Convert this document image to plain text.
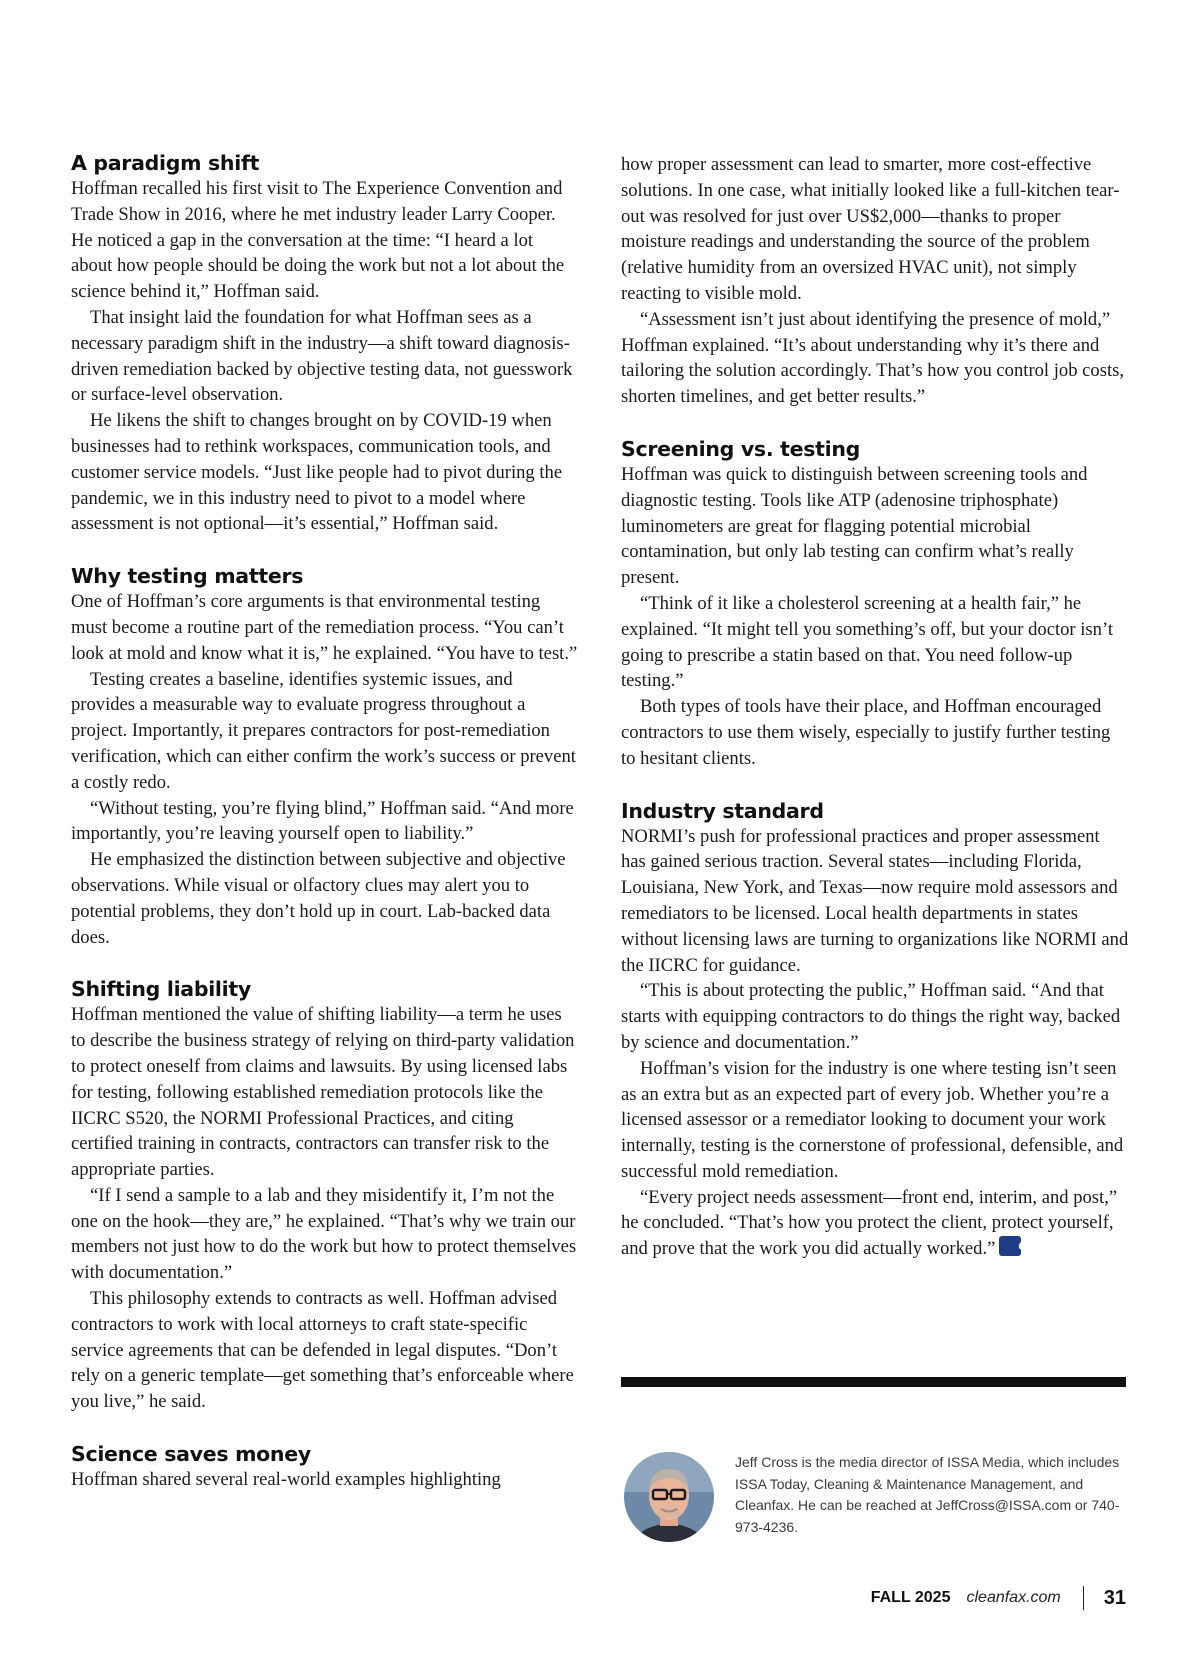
A paradigm shift

Hoffman recalled his first visit to The Experience Convention and Trade Show in 2016, where he met industry leader Larry Cooper. He noticed a gap in the conversation at the time: “I heard a lot about how people should be doing the work but not a lot about the science behind it,” Hoffman said.

That insight laid the foundation for what Hoffman sees as a necessary paradigm shift in the industry—a shift toward diagnosis-driven remediation backed by objective testing data, not guesswork or surface-level observation.

He likens the shift to changes brought on by COVID-19 when businesses had to rethink workspaces, communication tools, and customer service models. “Just like people had to pivot during the pandemic, we in this industry need to pivot to a model where assessment is not optional—it’s essential,” Hoffman said.

Why testing matters

One of Hoffman’s core arguments is that environmental testing must become a routine part of the remediation process. “You can’t look at mold and know what it is,” he explained. “You have to test.”

Testing creates a baseline, identifies systemic issues, and provides a measurable way to evaluate progress throughout a project. Importantly, it prepares contractors for post-remediation verification, which can either confirm the work’s success or prevent a costly redo.

“Without testing, you’re flying blind,” Hoffman said. “And more importantly, you’re leaving yourself open to liability.”

He emphasized the distinction between subjective and objective observations. While visual or olfactory clues may alert you to potential problems, they don’t hold up in court. Lab-backed data does.

Shifting liability

Hoffman mentioned the value of shifting liability—a term he uses to describe the business strategy of relying on third-party validation to protect oneself from claims and lawsuits. By using licensed labs for testing, following established remediation protocols like the IICRC S520, the NORMI Professional Practices, and citing certified training in contracts, contractors can transfer risk to the appropriate parties.

“If I send a sample to a lab and they misidentify it, I’m not the one on the hook—they are,” he explained. “That’s why we train our members not just how to do the work but how to protect themselves with documentation.”

This philosophy extends to contracts as well. Hoffman advised contractors to work with local attorneys to craft state-specific service agreements that can be defended in legal disputes. “Don’t rely on a generic template—get something that’s enforceable where you live,” he said.

Science saves money

Hoffman shared several real-world examples highlighting

how proper assessment can lead to smarter, more cost-effective solutions. In one case, what initially looked like a full-kitchen tear-out was resolved for just over US$2,000—thanks to proper moisture readings and understanding the source of the problem (relative humidity from an oversized HVAC unit), not simply reacting to visible mold.

“Assessment isn’t just about identifying the presence of mold,” Hoffman explained. “It’s about understanding why it’s there and tailoring the solution accordingly. That’s how you control job costs, shorten timelines, and get better results.”

Screening vs. testing

Hoffman was quick to distinguish between screening tools and diagnostic testing. Tools like ATP (adenosine triphosphate) luminometers are great for flagging potential microbial contamination, but only lab testing can confirm what’s really present.

“Think of it like a cholesterol screening at a health fair,” he explained. “It might tell you something’s off, but your doctor isn’t going to prescribe a statin based on that. You need follow-up testing.”

Both types of tools have their place, and Hoffman encouraged contractors to use them wisely, especially to justify further testing to hesitant clients.

Industry standard

NORMI’s push for professional practices and proper assessment has gained serious traction. Several states—including Florida, Louisiana, New York, and Texas—now require mold assessors and remediators to be licensed. Local health departments in states without licensing laws are turning to organizations like NORMI and the IICRC for guidance.

“This is about protecting the public,” Hoffman said. “And that starts with equipping contractors to do things the right way, backed by science and documentation.”

Hoffman’s vision for the industry is one where testing isn’t seen as an extra but as an expected part of every job. Whether you’re a licensed assessor or a remediator looking to document your work internally, testing is the cornerstone of professional, defensible, and successful mold remediation.

“Every project needs assessment—front end, interim, and post,” he concluded. “That’s how you protect the client, protect yourself, and prove that the work you did actually worked.”	CF

Jeff Cross is the media director of ISSA Media, which includes ISSA Today, Cleaning & Maintenance Management, and Cleanfax. He can be reached at JeffCross@ISSA.com or 740-973-4236.
FALL 2025 cleanfax.com 31
